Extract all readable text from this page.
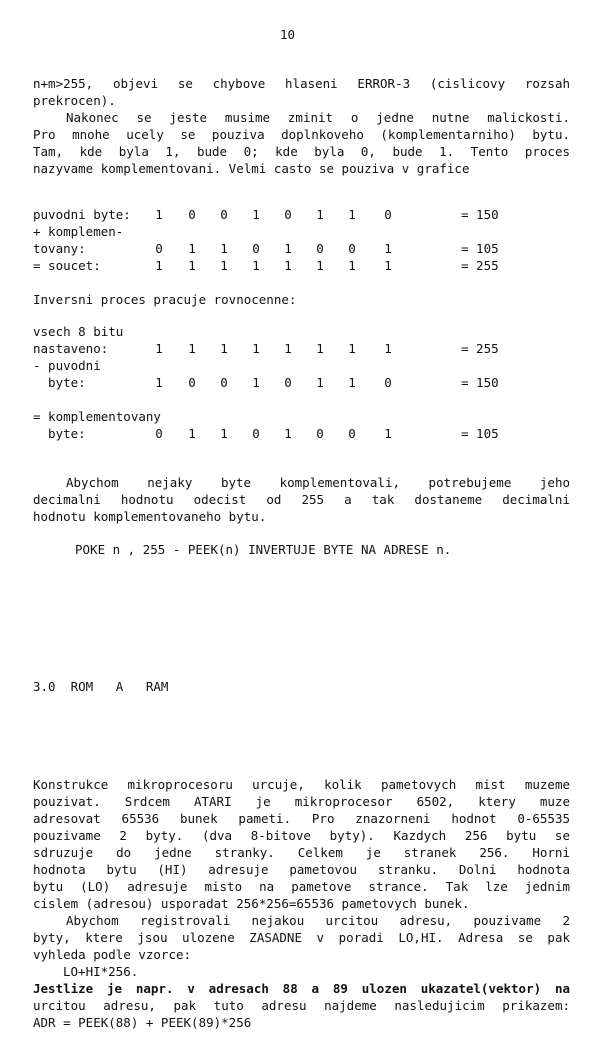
10
n+m>255, objevi se chybove hlaseni ERROR-3 (cislicovy rozsah
prekrocen).
Nakonec se jeste musime zminit o jedne nutne malickosti.
Pro mnohe ucely se pouziva doplnkoveho (komplementarniho) bytu.
Tam, kde byla 1, bude 0; kde byla 0, bude 1. Tento proces
nazyvame komplementovani. Velmi casto se pouziva v grafice
puvodni byte: 1 0 0 1 0 1 1 0	= 150
+ komplemen-
tovany:	0 1 1 0 1 0 0 1	= 105
= soucet:	1 1 1 1 1 1 1 1	= 255
Inversni proces pracuje rovnocenne:
vsech 8 bitu
nastaveno:	1 1 1 1 1 1 1 1	= 255
- puvodni
byte:	1 0 0 1 0 1 1 0	= 150
= komplementovany
byte:	0 1 1 0 1 0 0 1	= 105
Abychom nejaky byte komplementovali, potrebujeme jeho
decimalni hodnotu odecist od 255 a tak dostaneme decimalni
hodnotu komplementovaneho bytu.
POKE n , 255 - PEEK(n) INVERTUJE BYTE NA ADRESE n.
3.0  ROM   A   RAM
Konstrukce mikroprocesoru urcuje, kolik pametovych mist muzeme
pouzivat. Srdcem ATARI je mikroprocesor 6502, ktery muze
adresovat 65536 bunek pameti. Pro znazorneni hodnot 0-65535
pouzivame 2 byty. (dva 8-bitove byty). Kazdych 256 bytu se
sdruzuje do jedne stranky. Celkem je stranek 256. Horni
hodnota bytu (HI) adresuje pametovou stranku. Dolni hodnota
bytu (LO) adresuje misto na pametove strance. Tak lze jednim
cislem (adresou) usporadat 256*256=65536 pametovych bunek.
Abychom registrovali nejakou urcitou adresu, pouzivame 2
byty, ktere jsou ulozene ZASADNE v poradi LO,HI. Adresa se pak
vyhleda podle vzorce:
LO+HI*256.
Jestlize je napr. v adresach 88 a 89 ulozen ukazatel(vektor) na
urcitou adresu, pak tuto adresu najdeme nasledujicim prikazem:
ADR = PEEK(88) + PEEK(89)*256
